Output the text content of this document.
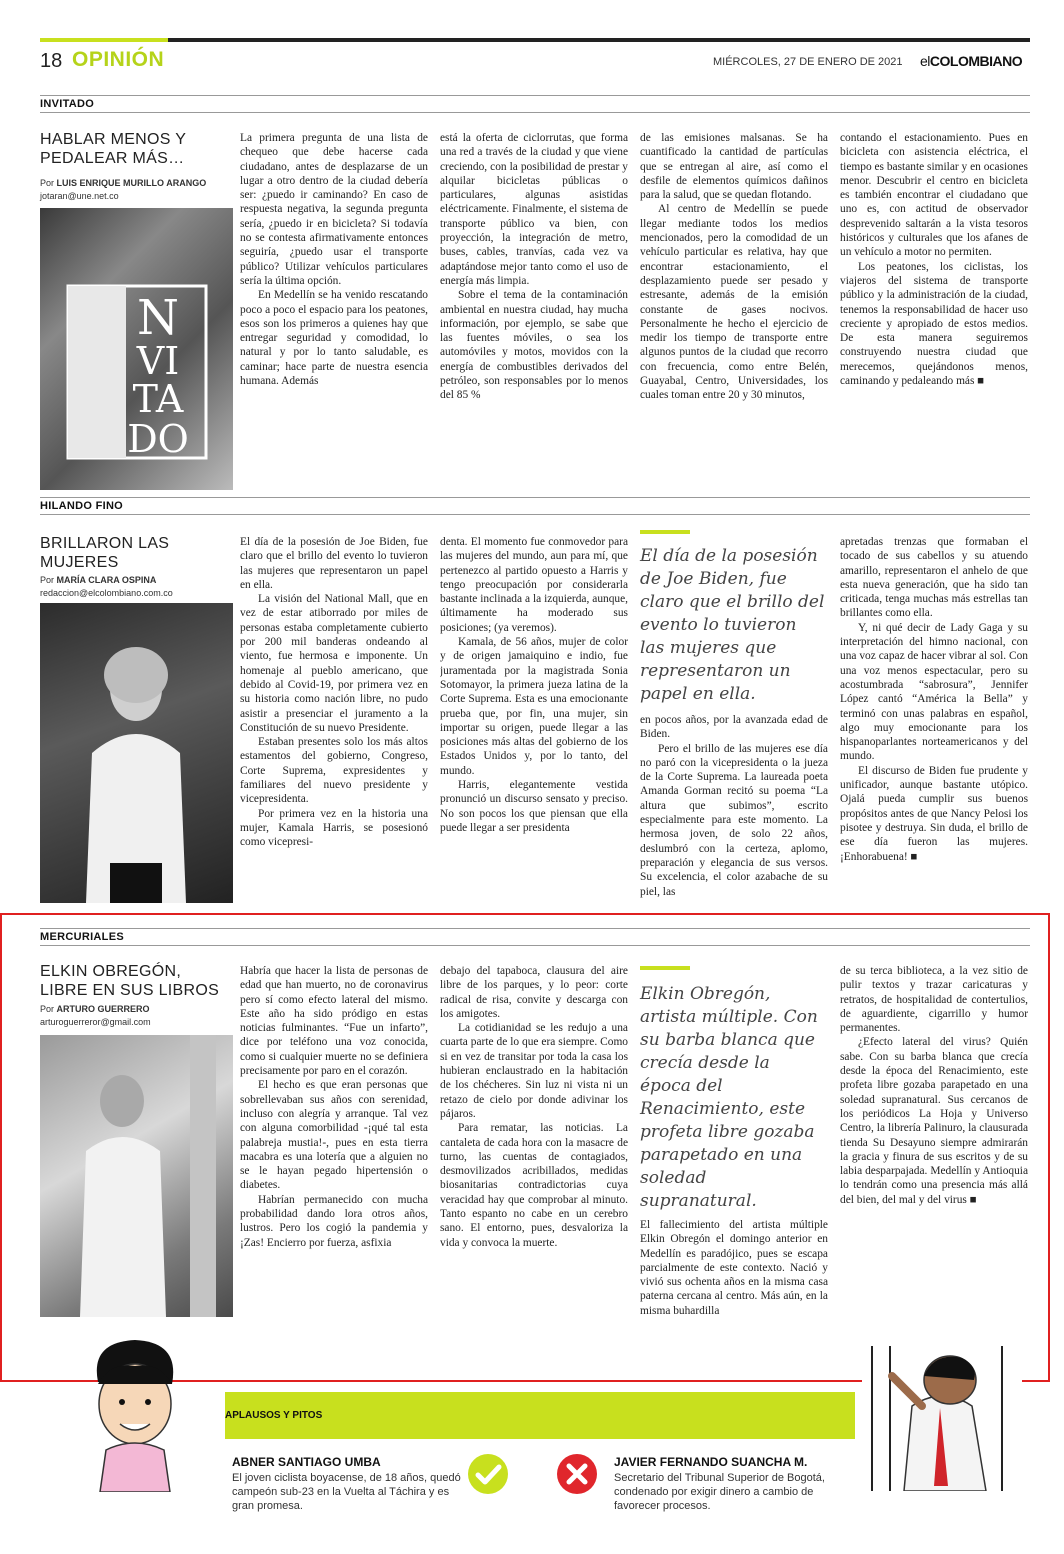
18 OPINIÓN	MIÉRCOLES, 27 DE ENERO DE 2021 elCOLOMBIANO
INVITADO
HABLAR MENOS Y PEDALEAR MÁS…
Por LUIS ENRIQUE MURILLO ARANGO
jotaran@une.net.co
N
VI
TA
DO

La primera pregunta de una lista de chequeo que debe hacerse cada ciudadano, antes de desplazarse de un lugar a otro dentro de la ciudad debería ser: ¿puedo ir caminando? En caso de respuesta negativa, la segunda pregunta sería, ¿puedo ir en bicicleta? Si todavía no se contesta afirmativamente entonces seguiría, ¿puedo usar el transporte público? Utilizar vehículos particulares sería la última opción.

En Medellín se ha venido rescatando poco a poco el espacio para los peatones, esos son los primeros a quienes hay que entregar seguridad y comodidad, lo natural y por lo tanto saludable, es caminar; hace parte de nuestra esencia humana. Además

está la oferta de ciclorrutas, que forma una red a través de la ciudad y que viene creciendo, con la posibilidad de prestar y alquilar bicicletas públicas o particulares, algunas asistidas eléctricamente. Finalmente, el sistema de transporte público va bien, con proyección, la integración de metro, buses, cables, tranvías, cada vez va adaptándose mejor tanto como el uso de energía más limpia.

Sobre el tema de la contaminación ambiental en nuestra ciudad, hay mucha información, por ejemplo, se sabe que las fuentes móviles, o sea los automóviles y motos, movidos con la energía de combustibles derivados del petróleo, son responsables por lo menos del 85 %

de las emisiones malsanas. Se ha cuantificado la cantidad de partículas que se entregan al aire, así como el desfile de elementos químicos dañinos para la salud, que se quedan flotando.

Al centro de Medellín se puede llegar mediante todos los medios mencionados, pero la comodidad de un vehículo particular es relativa, hay que encontrar estacionamiento, el desplazamiento puede ser pesado y estresante, además de la emisión constante de gases nocivos. Personalmente he hecho el ejercicio de medir los tiempo de transporte entre algunos puntos de la ciudad que recorro con frecuencia, como entre Belén, Guayabal, Centro, Universidades, los cuales toman entre 20 y 30 minutos,

contando el estacionamiento. Pues en bicicleta con asistencia eléctrica, el tiempo es bastante similar y en ocasiones menor. Descubrir el centro en bicicleta es también encontrar el ciudadano que uno es, con actitud de observador desprevenido saltarán a la vista tesoros históricos y culturales que los afanes de un vehículo a motor no permiten.

Los peatones, los ciclistas, los viajeros del sistema de transporte público y la administración de la ciudad, tenemos la responsabilidad de hacer uso creciente y apropiado de estos medios. De esta manera seguiremos construyendo nuestra ciudad que merecemos, quejándonos menos, caminando y pedaleando más ■

HILANDO FINO
BRILLARON LAS MUJERES
Por MARÍA CLARA OSPINA
redaccion@elcolombiano.com.co

El día de la posesión de Joe Biden, fue claro que el brillo del evento lo tuvieron las mujeres que representaron un papel en ella.

La visión del National Mall, que en vez de estar atiborrado por miles de personas estaba completamente cubierto por 200 mil banderas ondeando al viento, fue hermosa e imponente. Un homenaje al pueblo americano, que debido al Covid-19, por primera vez en su historia como nación libre, no pudo asistir a presenciar el juramento a la Constitución de su nuevo Presidente.

Estaban presentes solo los más altos estamentos del gobierno, Congreso, Corte Suprema, expresidentes y familiares del nuevo presidente y vicepresidenta.

Por primera vez en la historia una mujer, Kamala Harris, se posesionó como vicepresi-

denta. El momento fue conmovedor para las mujeres del mundo, aun para mí, que pertenezco al partido opuesto a Harris y tengo preocupación por considerarla bastante inclinada a la izquierda, aunque, últimamente ha moderado sus posiciones; (ya veremos).

Kamala, de 56 años, mujer de color y de origen jamaiquino e indio, fue juramentada por la magistrada Sonia Sotomayor, la primera jueza latina de la Corte Suprema. Esta es una emocionante prueba que, por fin, una mujer, sin importar su origen, puede llegar a las posiciones más altas del gobierno de los Estados Unidos y, por lo tanto, del mundo.

Harris, elegantemente vestida pronunció un discurso sensato y preciso. No son pocos los que piensan que ella puede llegar a ser presidenta

El día de la posesión de Joe Biden, fue claro que el brillo del evento lo tuvieron las mujeres que representaron un papel en ella.

en pocos años, por la avanzada edad de Biden.

Pero el brillo de las mujeres ese día no paró con la vicepresidenta o la jueza de la Corte Suprema. La laureada poeta Amanda Gorman recitó su poema “La altura que subimos”, escrito especialmente para este momento. La hermosa joven, de solo 22 años, deslumbró con la certeza, aplomo, preparación y elegancia de sus versos. Su excelencia, el color azabache de su piel, las

apretadas trenzas que formaban el tocado de sus cabellos y su atuendo amarillo, representaron el anhelo de que esta nueva generación, que ha sido tan criticada, tenga muchas más estrellas tan brillantes como ella.

Y, ni qué decir de Lady Gaga y su interpretación del himno nacional, con una voz capaz de hacer vibrar al sol. Con una voz menos espectacular, pero su acostumbrada “sabrosura”, Jennifer López cantó “América la Bella” y terminó con unas palabras en español, algo muy emocionante para los hispanoparlantes norteamericanos y del mundo.

El discurso de Biden fue prudente y unificador, aunque bastante utópico. Ojalá pueda cumplir sus buenos propósitos antes de que Nancy Pelosi los pisotee y destruya. Sin duda, el brillo de ese día fueron las mujeres. ¡Enhorabuena! ■

MERCURIALES
ELKIN OBREGÓN, LIBRE EN SUS LIBROS
Por ARTURO GUERRERO
arturoguerreror@gmail.com

Habría que hacer la lista de personas de edad que han muerto, no de coronavirus pero sí como efecto lateral del mismo. Este año ha sido pródigo en estas noticias fulminantes. “Fue un infarto”, dice por teléfono una voz conocida, como si cualquier muerte no se definiera precisamente por paro en el corazón.

El hecho es que eran personas que sobrellevaban sus años con serenidad, incluso con alegría y arranque. Tal vez con alguna comorbilidad -¡qué tal esta palabreja mustia!-, pues en esta tierra macabra es una lotería que a alguien no se le hayan pegado hipertensión o diabetes.

Habrían permanecido con mucha probabilidad dando lora otros años, lustros. Pero los cogió la pandemia y ¡Zas! Encierro por fuerza, asfixia

debajo del tapaboca, clausura del aire libre de los parques, y lo peor: corte radical de risa, convite y descarga con los amigotes.

La cotidianidad se les redujo a una cuarta parte de lo que era siempre. Como si en vez de transitar por toda la casa los hubieran enclaustrado en la habitación de los chécheres. Sin luz ni vista ni un retazo de cielo por donde adivinar los pájaros.

Para rematar, las noticias. La cantaleta de cada hora con la masacre de turno, las cuentas de contagiados, desmovilizados acribillados, medidas biosanitarias contradictorias cuya veracidad hay que comprobar al minuto. Tanto espanto no cabe en un cerebro sano. El entorno, pues, desvaloriza la vida y convoca la muerte.

Elkin Obregón, artista múltiple. Con su barba blanca que crecía desde la época del Renacimiento, este profeta libre gozaba parapetado en una soledad supranatural.

El fallecimiento del artista múltiple Elkin Obregón el domingo anterior en Medellín es paradójico, pues se escapa parcialmente de este contexto. Nació y vivió sus ochenta años en la misma casa paterna cercana al centro. Más aún, en la misma buhardilla

de su terca biblioteca, a la vez sitio de pulir textos y trazar caricaturas y retratos, de hospitalidad de contertulios, de aguardiente, cigarrillo y humor permanentes.

¿Efecto lateral del virus? Quién sabe. Con su barba blanca que crecía desde la época del Renacimiento, este profeta libre gozaba parapetado en una soledad supranatural. Sus cercanos de los periódicos La Hoja y Universo Centro, la librería Palinuro, la clausurada tienda Su Desayuno siempre admirarán la gracia y finura de sus escritos y de su labia desparpajada. Medellín y Antioquia lo tendrán como una presencia más allá del bien, del mal y del virus ■

APLAUSOS Y PITOS
ABNER SANTIAGO UMBA
El joven ciclista boyacense, de 18 años, quedó campeón sub-23 en la Vuelta al Táchira y es gran promesa.
JAVIER FERNANDO SUANCHA M.
Secretario del Tribunal Superior de Bogotá, condenado por exigir dinero a cambio de favorecer procesos.
